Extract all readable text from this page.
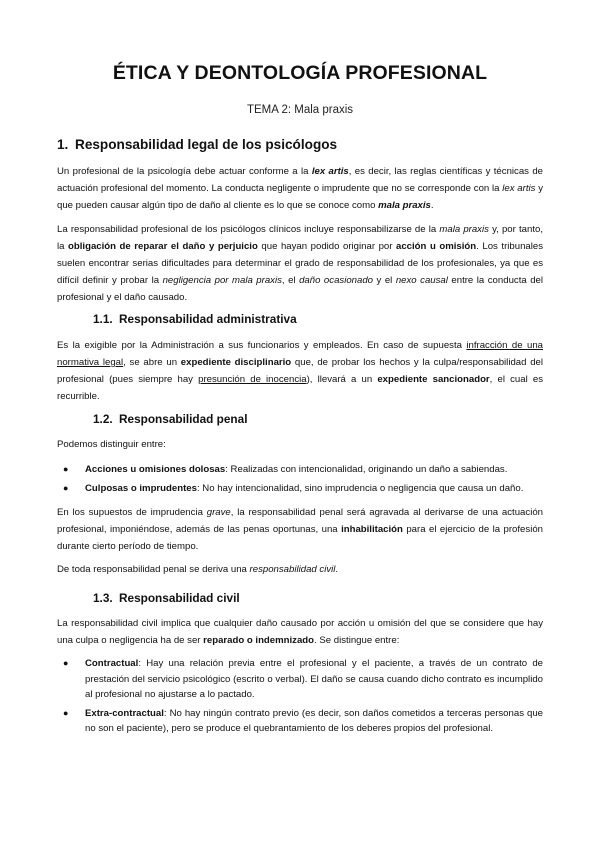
ÉTICA Y DEONTOLOGÍA PROFESIONAL
TEMA 2: Mala praxis
1. Responsabilidad legal de los psicólogos

Un profesional de la psicología debe actuar conforme a la lex artis, es decir, las reglas científicas y técnicas de actuación profesional del momento. La conducta negligente o imprudente que no se corresponde con la lex artis y que pueden causar algún tipo de daño al cliente es lo que se conoce como mala praxis.

La responsabilidad profesional de los psicólogos clínicos incluye responsabilizarse de la mala praxis y, por tanto, la obligación de reparar el daño y perjuicio que hayan podido originar por acción u omisión. Los tribunales suelen encontrar serias dificultades para determinar el grado de responsabilidad de los profesionales, ya que es difícil definir y probar la negligencia por mala praxis, el daño ocasionado y el nexo causal entre la conducta del profesional y el daño causado.

1.1. Responsabilidad administrativa

Es la exigible por la Administración a sus funcionarios y empleados. En caso de supuesta infracción de una normativa legal, se abre un expediente disciplinario que, de probar los hechos y la culpa/responsabilidad del profesional (pues siempre hay presunción de inocencia), llevará a un expediente sancionador, el cual es recurrible.

1.2. Responsabilidad penal

Podemos distinguir entre:

● Acciones u omisiones dolosas: Realizadas con intencionalidad, originando un daño a sabiendas.
● Culposas o imprudentes: No hay intencionalidad, sino imprudencia o negligencia que causa un daño.

En los supuestos de imprudencia grave, la responsabilidad penal será agravada al derivarse de una actuación profesional, imponiéndose, además de las penas oportunas, una inhabilitación para el ejercicio de la profesión durante cierto período de tiempo.

De toda responsabilidad penal se deriva una responsabilidad civil.

1.3. Responsabilidad civil

La responsabilidad civil implica que cualquier daño causado por acción u omisión del que se considere que hay una culpa o negligencia ha de ser reparado o indemnizado. Se distingue entre:

● Contractual: Hay una relación previa entre el profesional y el paciente, a través de un contrato de prestación del servicio psicológico (escrito o verbal). El daño se causa cuando dicho contrato es incumplido al profesional no ajustarse a lo pactado.
● Extra-contractual: No hay ningún contrato previo (es decir, son daños cometidos a terceras personas que no son el paciente), pero se produce el quebrantamiento de los deberes propios del profesional.
